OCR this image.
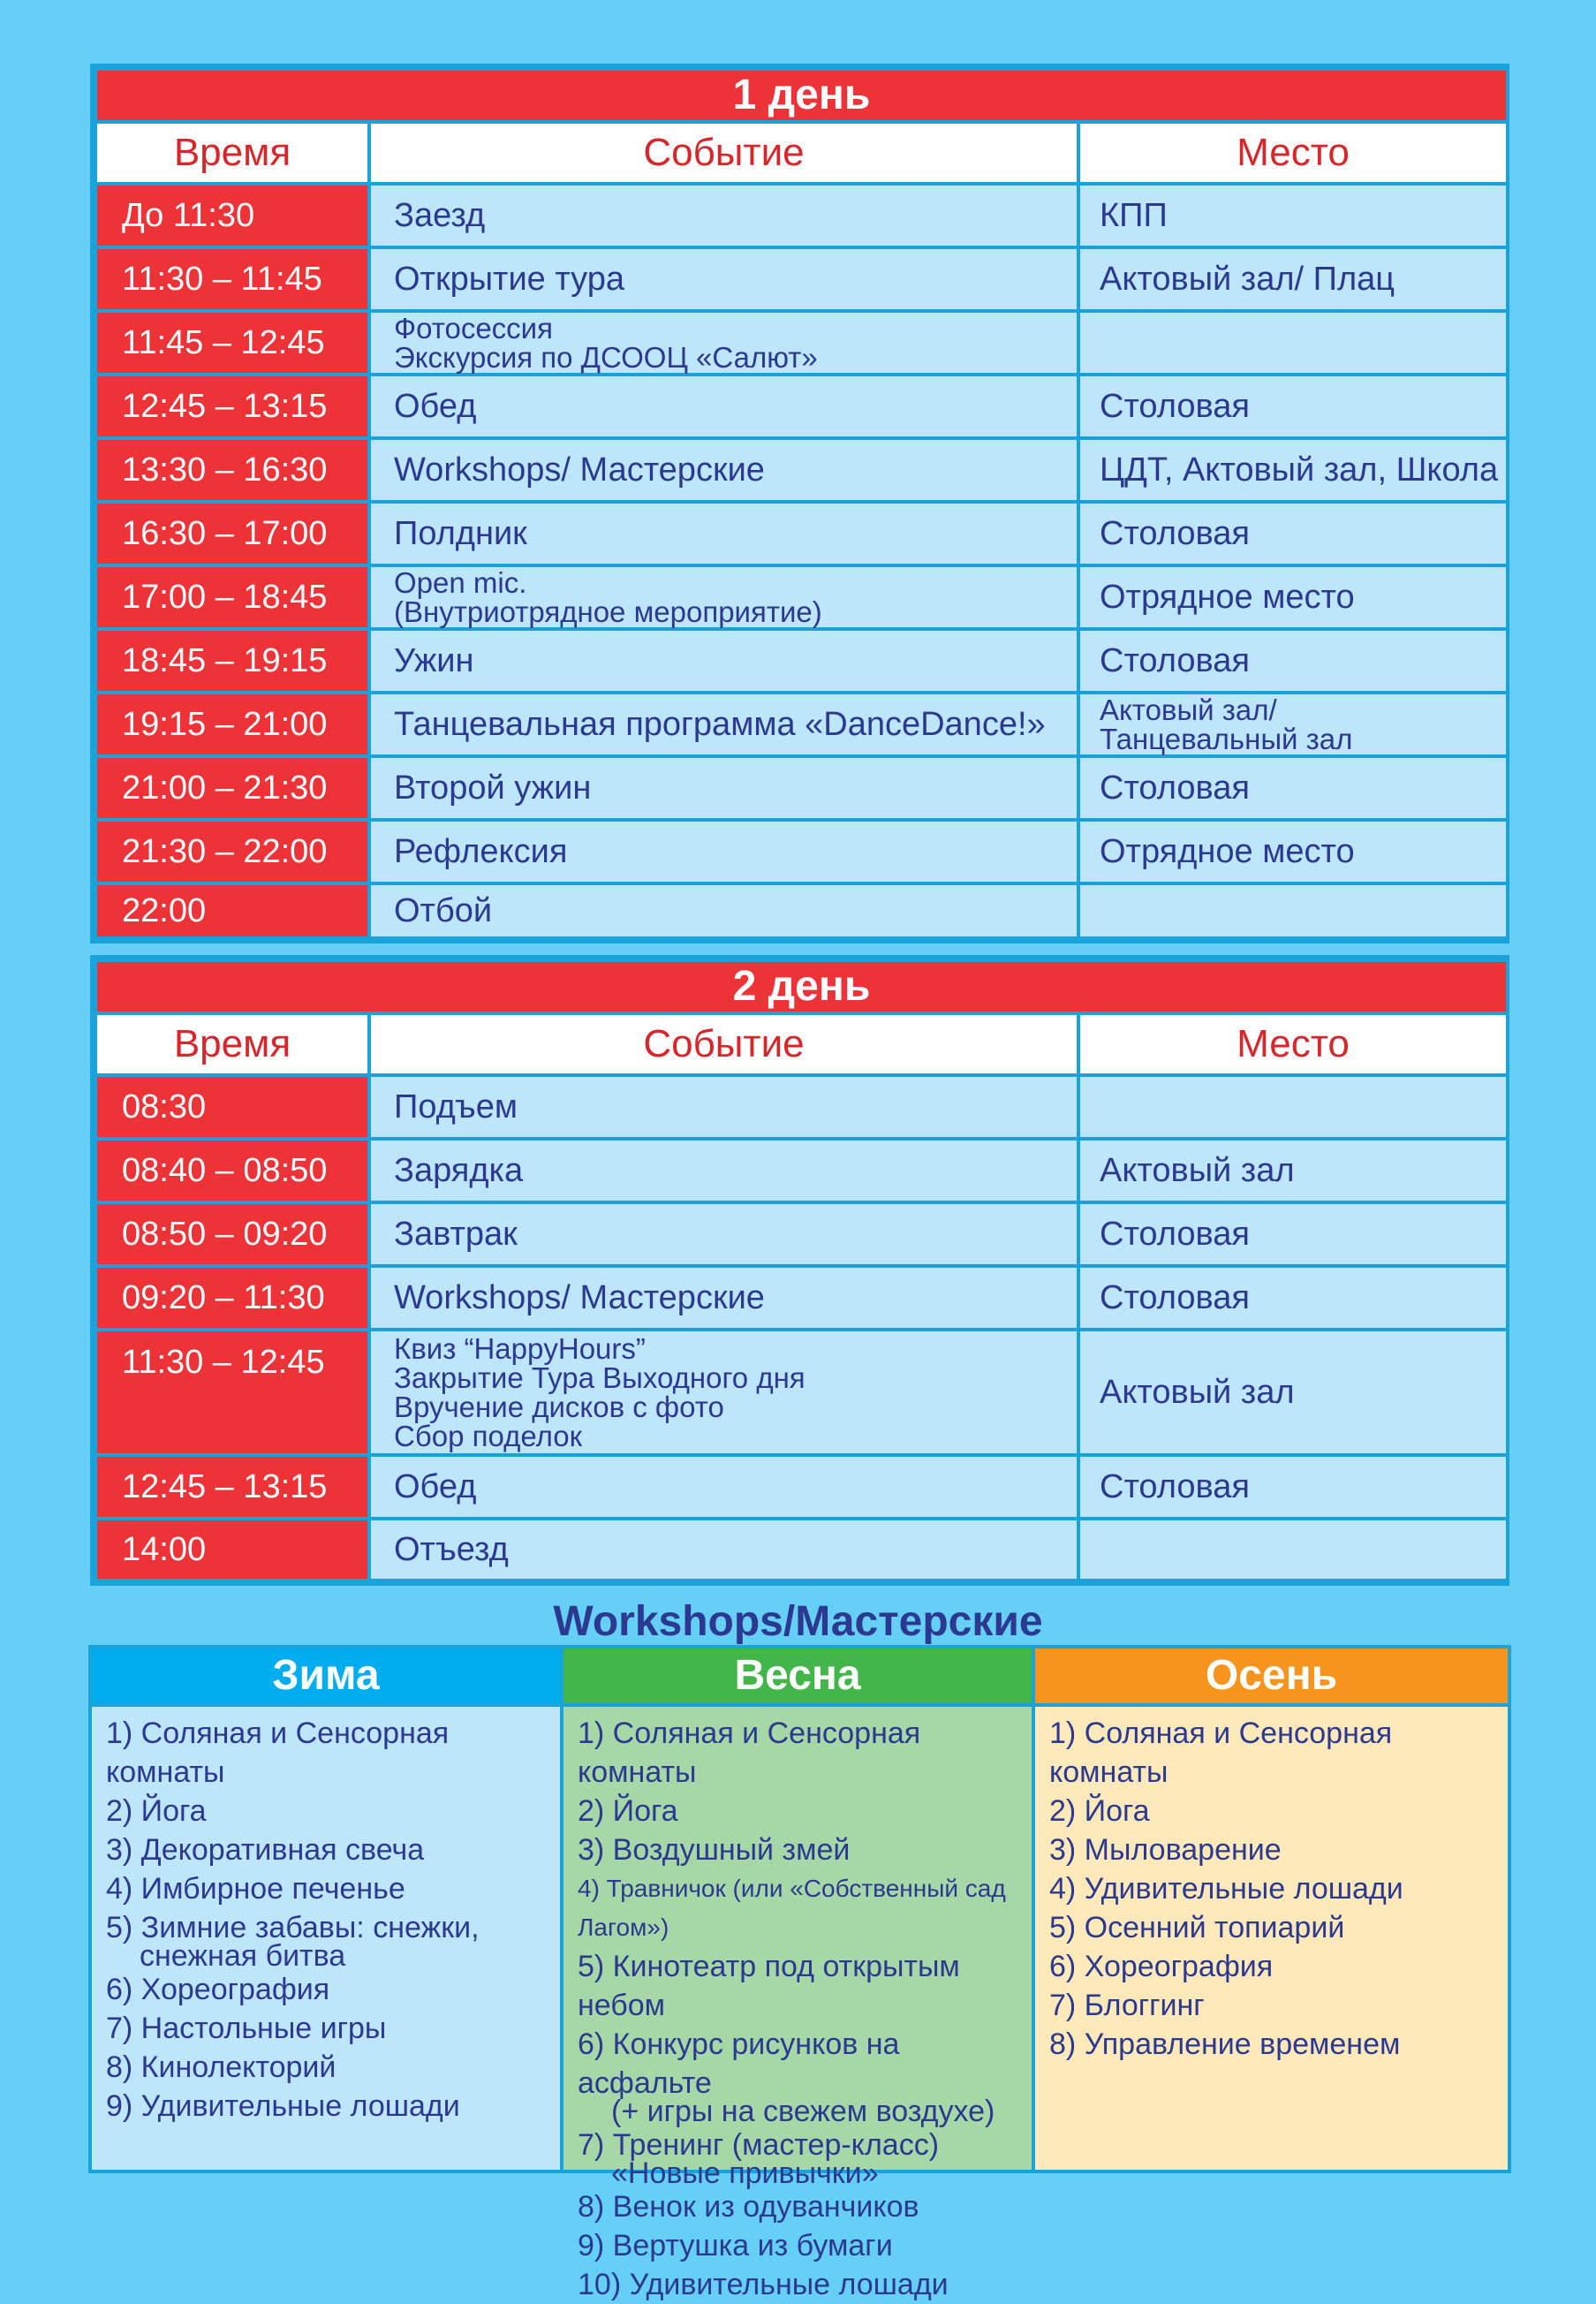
1 день		
Время	Событие	Место
До 11:30	Заезд	КПП
11:30 – 11:45	Открытие тура	Актовый зал/ Плац
11:45 – 12:45	Фотосессия
Экскурсия по ДСООЦ «Салют»	

12:45 – 13:15	Обед	Столовая
13:30 – 16:30	Workshops/ Мастерские	ЦДТ, Актовый зал, Школа
16:30 – 17:00	Полдник	Столовая
17:00 – 18:45	Open mic.
(Внутриотрядное мероприятие)	Отрядное место
18:45 – 19:15	Ужин	Столовая
19:15 – 21:00	Танцевальная программа «DanceDance!»	Актовый зал/
Танцевальный зал

21:00 – 21:30	Второй ужин	Столовая
21:30 – 22:00	Рефлексия	Отрядное место
22:00	Отбой	
2 день		
Время	Событие	Место
08:30	Подъем	
08:40 – 08:50	Зарядка	Актовый зал
08:50 – 09:20	Завтрак	Столовая
09:20 – 11:30	Workshops/ Мастерские	Столовая
11:30 – 12:45	Квиз “HappyHours”
Закрытие Тура Выходного дня
Вручение дисков с фото
Сбор поделок	Актовый зал
12:45 – 13:15	Обед	Столовая
14:00	Отъезд	
Workshops/Мастерские
Зима
1) Соляная и Сенсорная комнаты
2) Йога
3) Декоративная свеча
4) Имбирное печенье
5) Зимние забавы: снежки,
снежная битва
6) Хореография
7) Настольные игры
8) Кинолекторий
9) Удивительные лошади
Весна
1) Соляная и Сенсорная комнаты
2) Йога
3) Воздушный змей
4) Травничок (или «Собственный сад Лагом»)
5) Кинотеатр под открытым небом
6) Конкурс рисунков на асфальте
(+ игры на свежем воздухе)
7) Тренинг (мастер-класс)
«Новые привычки»
8) Венок из одуванчиков
9) Вертушка из бумаги
10) Удивительные лошади
Осень
1) Соляная и Сенсорная комнаты
2) Йога
3) Мыловарение
4) Удивительные лошади
5) Осенний топиарий
6) Хореография
7) Блоггинг
8) Управление временем
